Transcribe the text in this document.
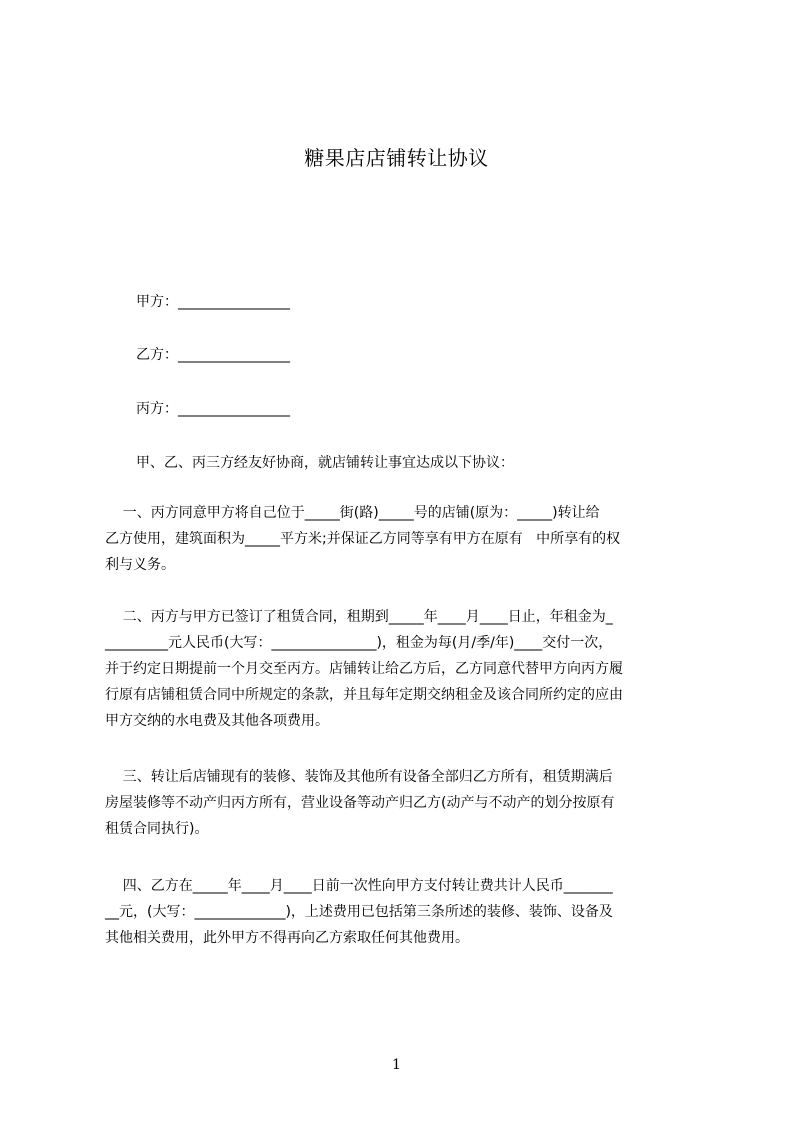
糖果店店铺转让协议
甲方：________________
乙方：________________
丙方：________________
甲、乙、丙三方经友好协商，就店铺转让事宜达成以下协议：
一、丙方同意甲方将自己位于_____街(路)_____号的店铺(原为：_____)转让给
乙方使用，建筑面积为_____平方米;并保证乙方同等享有甲方在原有   中所享有的权
利与义务。
二、丙方与甲方已签订了租赁合同，租期到_____年____月____日止，年租金为_
_________元人民币(大写：_______________)，租金为每(月/季/年)____交付一次，
并于约定日期提前一个月交至丙方。店铺转让给乙方后，乙方同意代替甲方向丙方履
行原有店铺租赁合同中所规定的条款，并且每年定期交纳租金及该合同所约定的应由
甲方交纳的水电费及其他各项费用。
三、转让后店铺现有的装修、装饰及其他所有设备全部归乙方所有，租赁期满后
房屋装修等不动产归丙方所有，营业设备等动产归乙方(动产与不动产的划分按原有
租赁合同执行)。
四、乙方在_____年____月____日前一次性向甲方支付转让费共计人民币_______
__元，(大写：_____________)，上述费用已包括第三条所述的装修、装饰、设备及
其他相关费用，此外甲方不得再向乙方索取任何其他费用。
1
